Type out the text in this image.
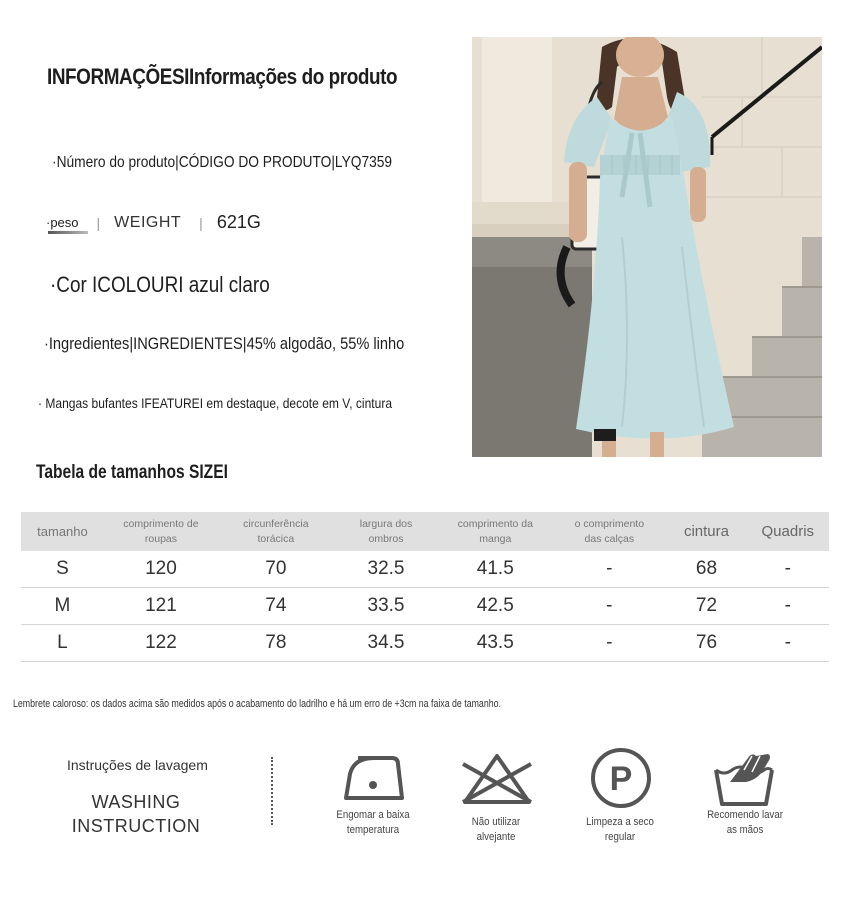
INFORMAÇÕESIInformações do produto
·Número do produto|CÓDIGO DO PRODUTO|LYQ7359
·peso | WEIGHT | 621G
·Cor ICOLOURI azul claro
·Ingredientes|INGREDIENTES|45% algodão, 55% linho
· Mangas bufantes IFEATUREI em destaque, decote em V, cintura
Tabela de tamanhos SIZEI
tamanho	comprimento de roupas	circunferência torácica	largura dos ombros	comprimento da manga	o comprimento das calças	cintura	Quadris
S	120	70	32.5	41.5	-	68	-
M	121	74	33.5	42.5	-	72	-
L	122	78	34.5	43.5	-	76	-
Lembrete caloroso: os dados acima são medidos após o acabamento do ladrilho e há um erro de +3cm na faixa de tamanho.
Instruções de lavagem
WASHING INSTRUCTION
Engomar a baixa temperatura
Não utilizar alvejante
P
Limpeza a seco regular
Recomendo lavar as mãos
